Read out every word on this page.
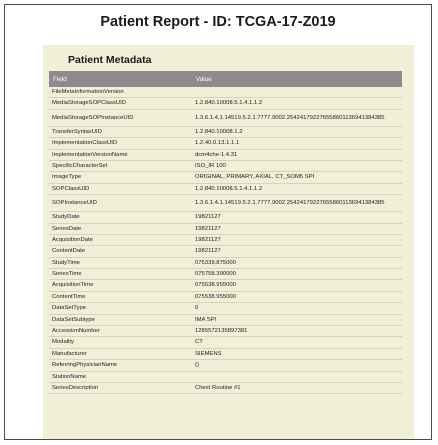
Patient Report - ID: TCGA-17-Z019
Patient Metadata
Field	Value
FileMetaInformationVersion	
MediaStorageSOPClassUID	1.2.840.10008.5.1.4.1.1.2
MediaStorageSOPInstanceUID	1.3.6.1.4.1.14519.5.2.1.7777.9002.254241792276558601136941384385
TransferSyntaxUID	1.2.840.10008.1.2
ImplementationClassUID	1.2.40.0.13.1.1.1
ImplementationVersionName	dcm4che-1.4.31
SpecificCharacterSet	ISO_IR 100
ImageType	ORIGINAL, PRIMARY, AXIAL, CT_SOM5 SPI
SOPClassUID	1.2.840.10008.5.1.4.1.1.2
SOPInstanceUID	1.3.6.1.4.1.14519.5.2.1.7777.9002.254241792276558601136941384385
StudyDate	19821127
SeriesDate	19821127
AcquisitionDate	19821127
ContentDate	19821127
StudyTime	075339.875000
SeriesTime	075758.390000
AcquisitionTime	075538.955000
ContentTime	075538.955000
DataSetType	0
DataSetSubtype	IMA SPI
AccessionNumber	1285572135897381
Modality	CT
Manufacturer	SIEMENS
ReferringPhysicianName	()
StationName	
SeriesDescription	Chest Routine #1
